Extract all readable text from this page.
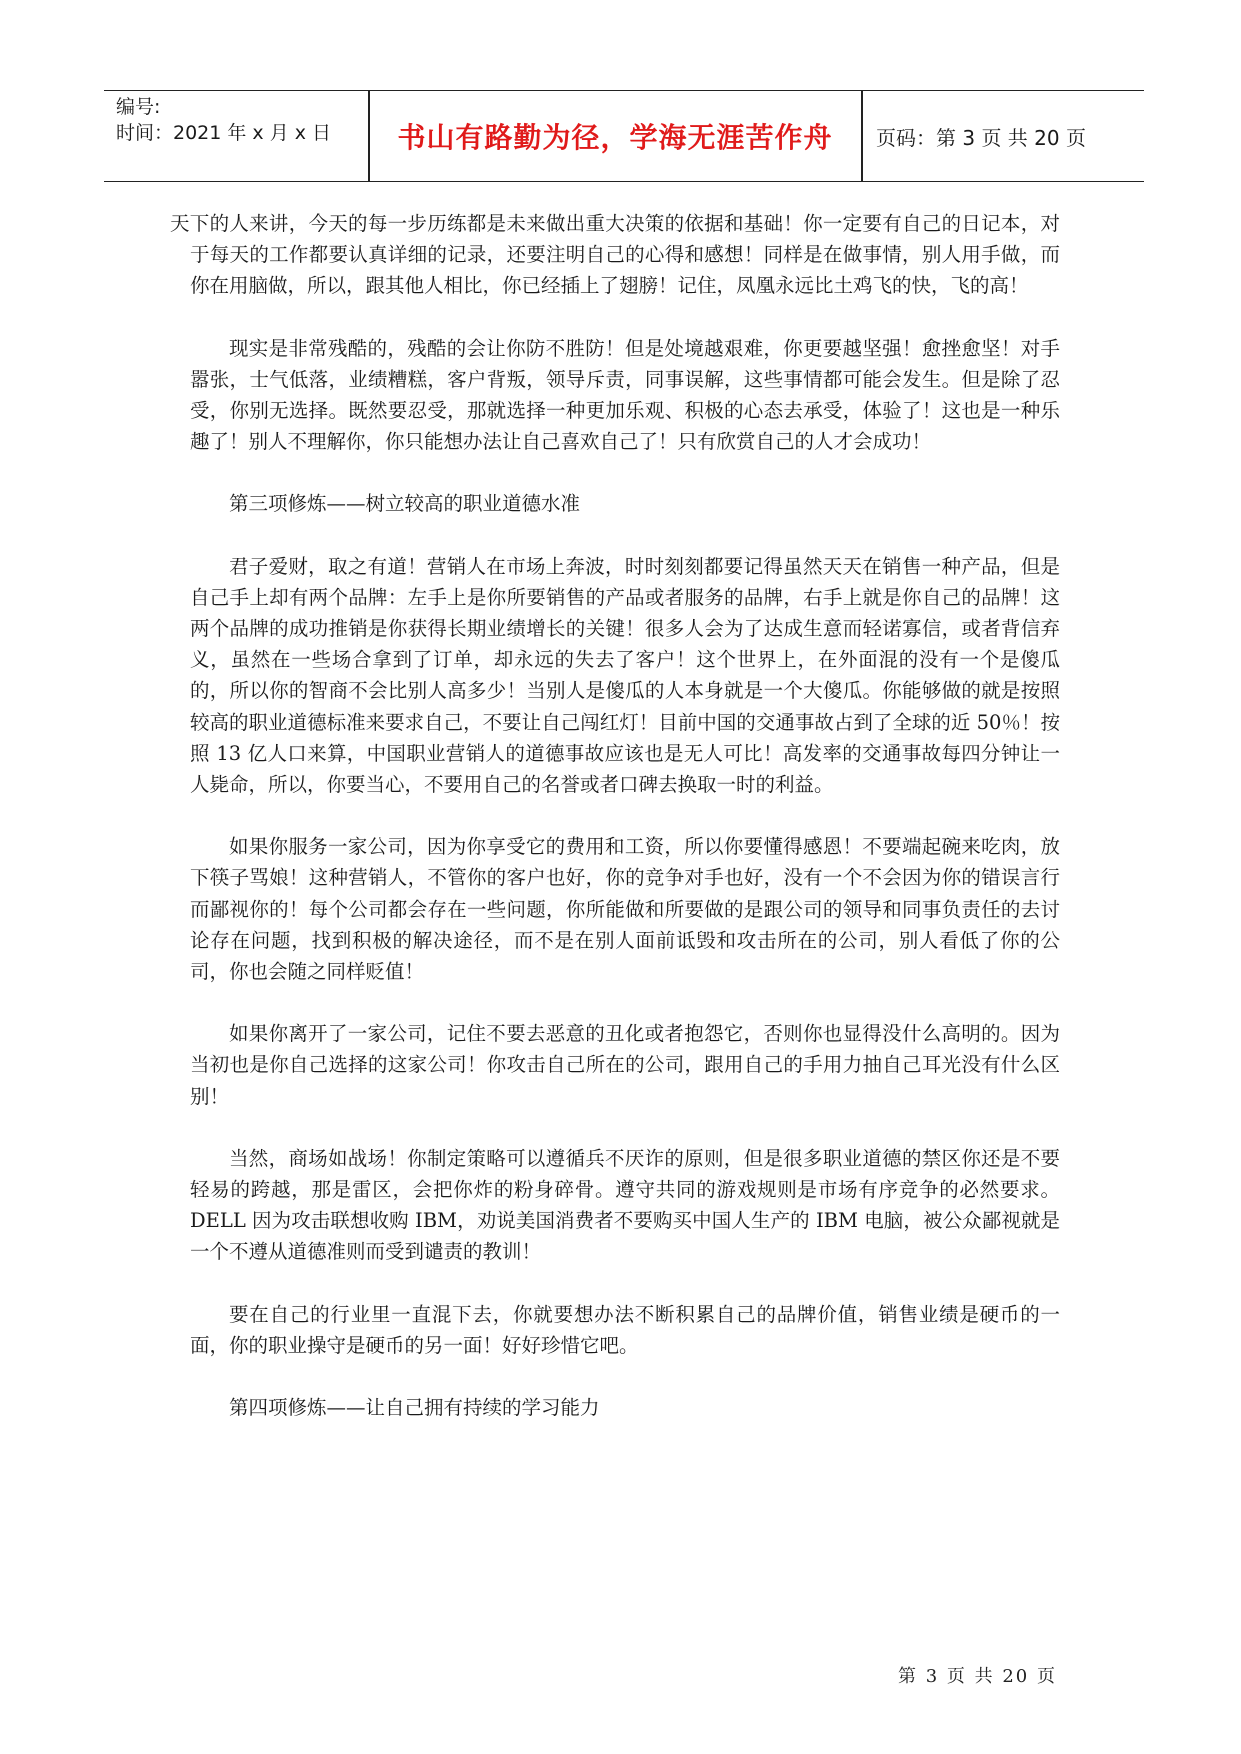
编号:
时间：2021 年 x 月 x 日	书山有路勤为径，学海无涯苦作舟	页码：第 3 页 共 20 页

天下的人来讲，今天的每一步历练都是未来做出重大决策的依据和基础！你一定要有自己的日记本，对于每天的工作都要认真详细的记录，还要注明自己的心得和感想！同样是在做事情，别人用手做，而你在用脑做，所以，跟其他人相比，你已经插上了翅膀！记住，凤凰永远比土鸡飞的快，飞的高！

现实是非常残酷的，残酷的会让你防不胜防！但是处境越艰难，你更要越坚强！愈挫愈坚！对手嚣张，士气低落，业绩糟糕，客户背叛，领导斥责，同事误解，这些事情都可能会发生。但是除了忍受，你别无选择。既然要忍受，那就选择一种更加乐观、积极的心态去承受，体验了！这也是一种乐趣了！别人不理解你，你只能想办法让自己喜欢自己了！只有欣赏自己的人才会成功！

第三项修炼——树立较高的职业道德水准

君子爱财，取之有道！营销人在市场上奔波，时时刻刻都要记得虽然天天在销售一种产品，但是自己手上却有两个品牌：左手上是你所要销售的产品或者服务的品牌，右手上就是你自己的品牌！这两个品牌的成功推销是你获得长期业绩增长的关键！很多人会为了达成生意而轻诺寡信，或者背信弃义，虽然在一些场合拿到了订单，却永远的失去了客户！这个世界上，在外面混的没有一个是傻瓜的，所以你的智商不会比别人高多少！当别人是傻瓜的人本身就是一个大傻瓜。你能够做的就是按照较高的职业道德标准来要求自己，不要让自己闯红灯！目前中国的交通事故占到了全球的近 50％！按照 13 亿人口来算，中国职业营销人的道德事故应该也是无人可比！高发率的交通事故每四分钟让一人毙命，所以，你要当心，不要用自己的名誉或者口碑去换取一时的利益。

如果你服务一家公司，因为你享受它的费用和工资，所以你要懂得感恩！不要端起碗来吃肉，放下筷子骂娘！这种营销人，不管你的客户也好，你的竞争对手也好，没有一个不会因为你的错误言行而鄙视你的！每个公司都会存在一些问题，你所能做和所要做的是跟公司的领导和同事负责任的去讨论存在问题，找到积极的解决途径，而不是在别人面前诋毁和攻击所在的公司，别人看低了你的公司，你也会随之同样贬值！

如果你离开了一家公司，记住不要去恶意的丑化或者抱怨它，否则你也显得没什么高明的。因为当初也是你自己选择的这家公司！你攻击自己所在的公司，跟用自己的手用力抽自己耳光没有什么区别！

当然，商场如战场！你制定策略可以遵循兵不厌诈的原则，但是很多职业道德的禁区你还是不要轻易的跨越，那是雷区，会把你炸的粉身碎骨。遵守共同的游戏规则是市场有序竞争的必然要求。DELL 因为攻击联想收购 IBM，劝说美国消费者不要购买中国人生产的 IBM 电脑，被公众鄙视就是一个不遵从道德准则而受到谴责的教训！

要在自己的行业里一直混下去，你就要想办法不断积累自己的品牌价值，销售业绩是硬币的一面，你的职业操守是硬币的另一面！好好珍惜它吧。

第四项修炼——让自己拥有持续的学习能力

第 3 页 共 20 页
